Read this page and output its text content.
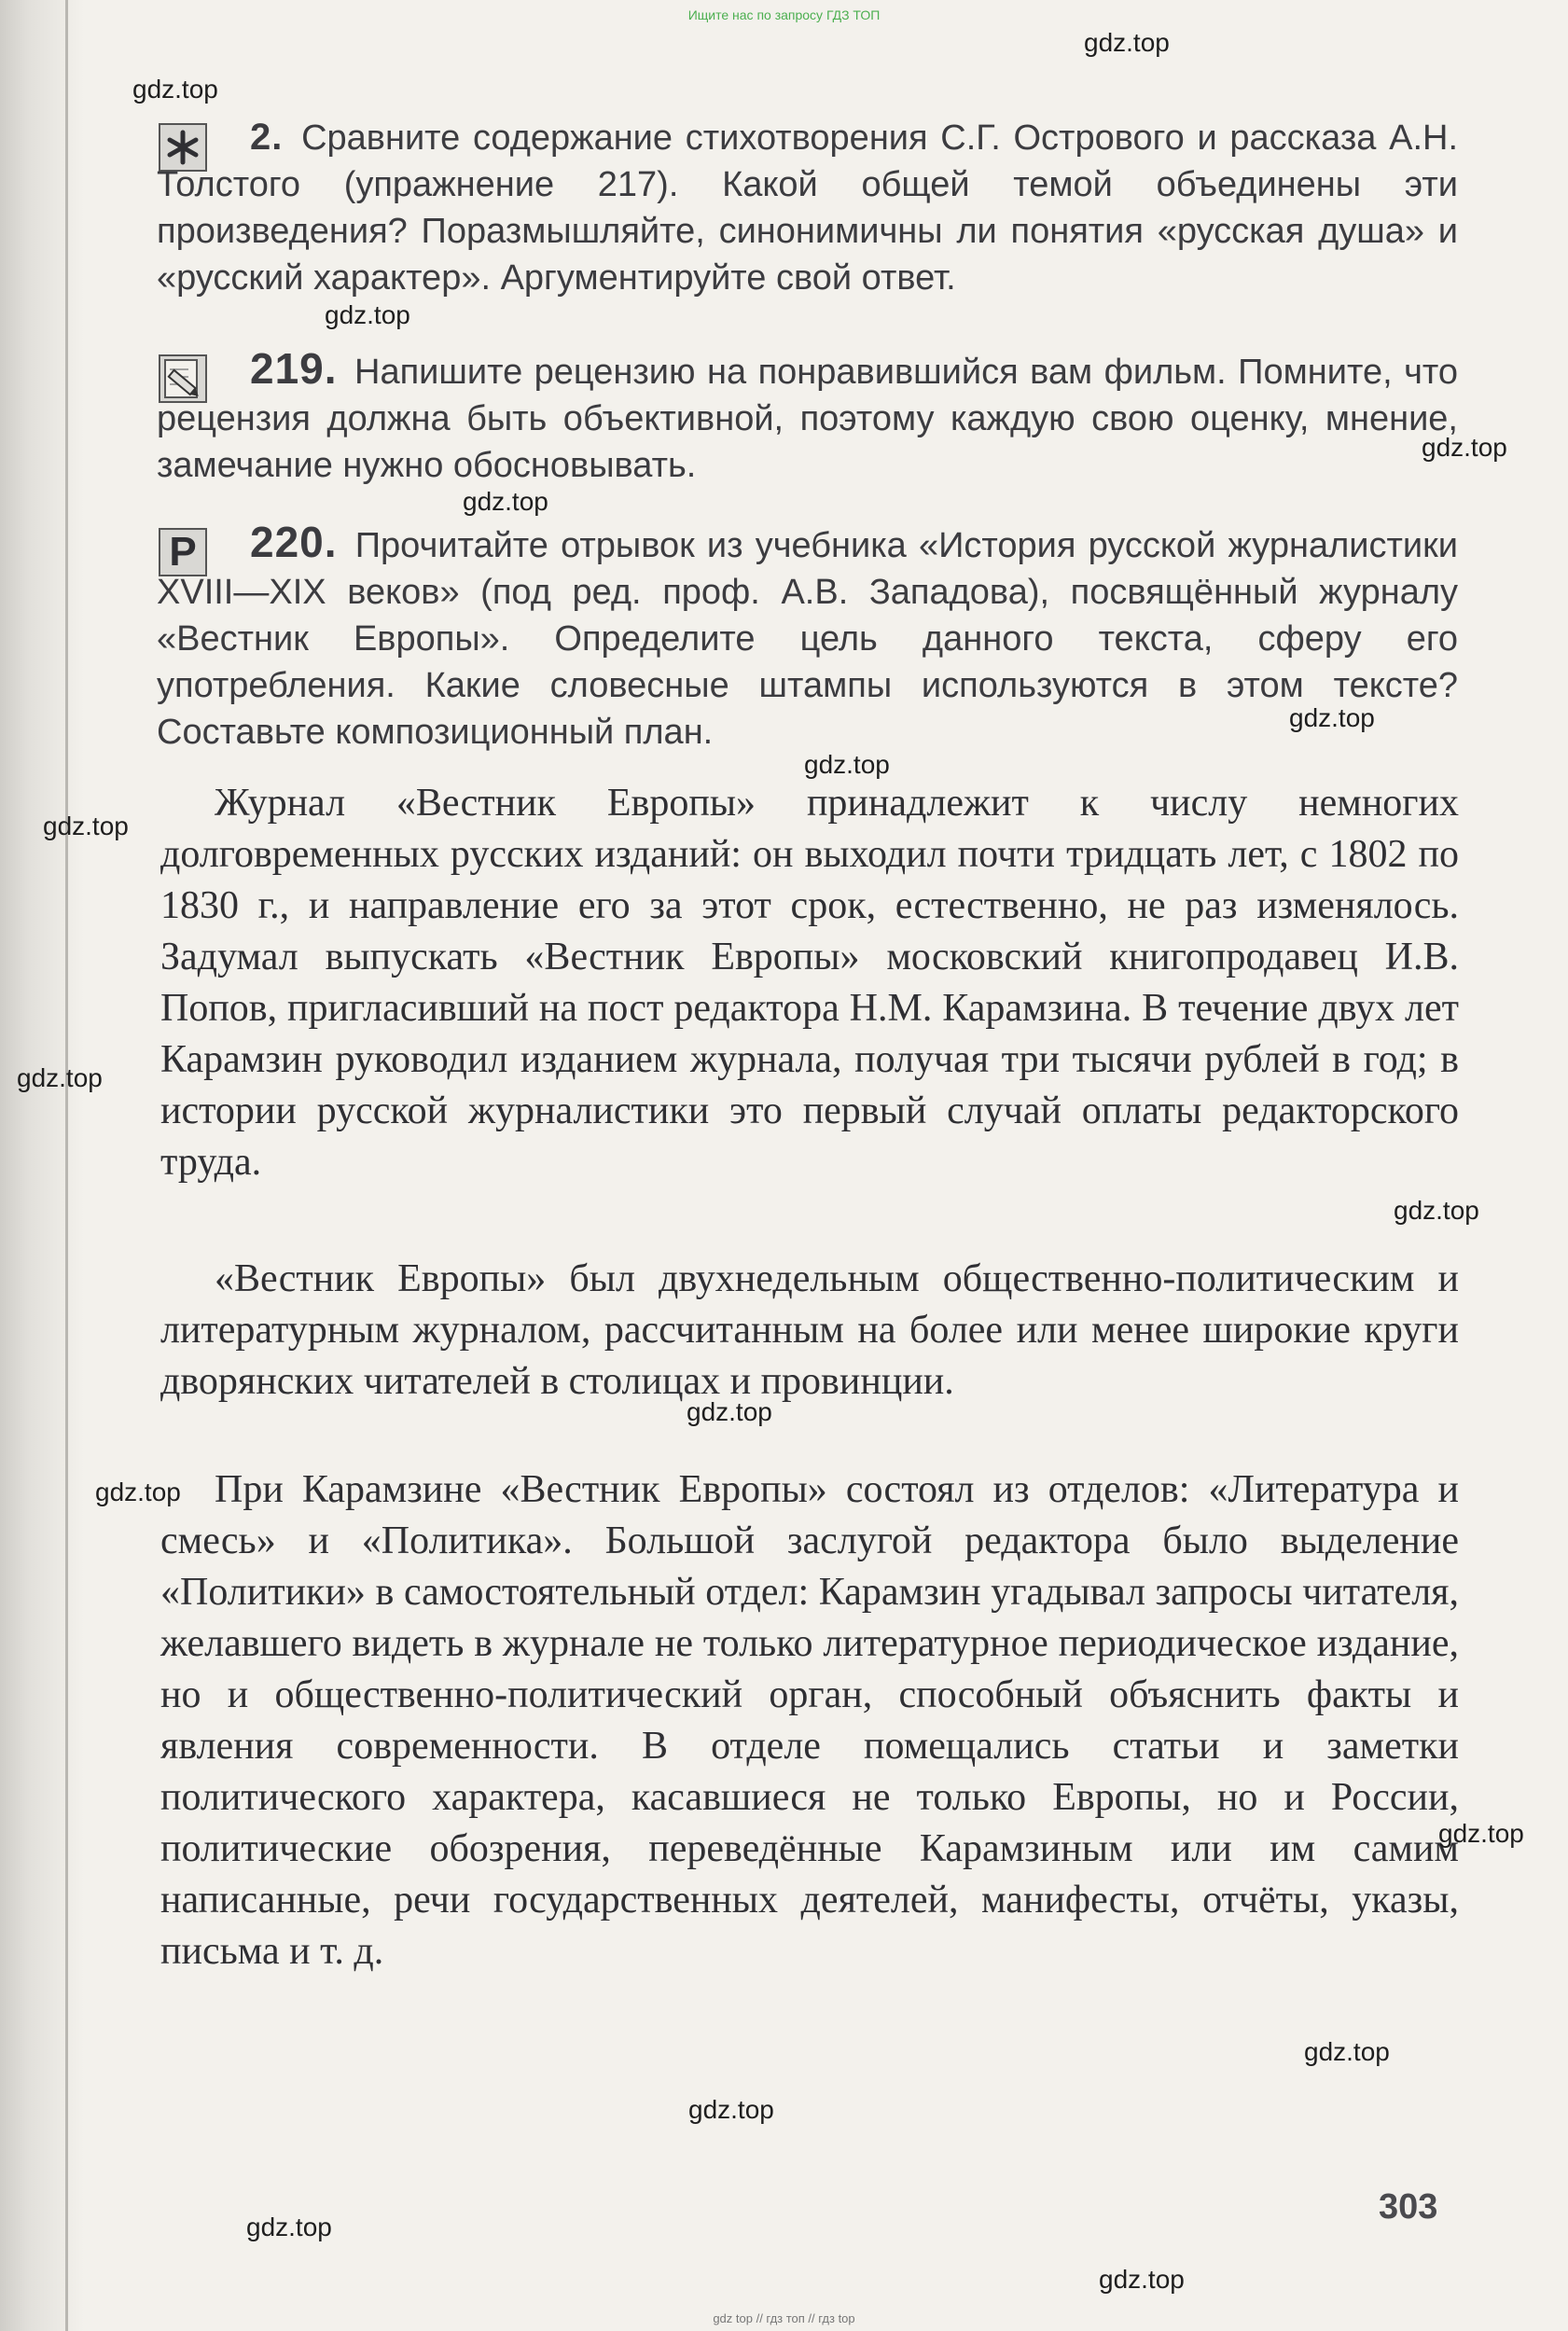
Ищите нас по запросу ГДЗ ТОП
2. Сравните содержание стихотворения С.Г. Острового и рассказа А.Н. Толстого (упражнение 217). Какой общей темой объединены эти произведения? Поразмышляйте, синонимичны ли понятия «русская душа» и «русский характер». Аргументируйте свой ответ.
219. Напишите рецензию на понравившийся вам фильм. Помните, что рецензия должна быть объективной, поэтому каждую свою оценку, мнение, замечание нужно обосновывать.
Р	220. Прочитайте отрывок из учебника «История русской журналистики XVIII—XIX веков» (под ред. проф. А.В. Западова), посвящённый журналу «Вестник Европы». Определите цель данного текста, сферу его употребления. Какие словесные штампы используются в этом тексте? Составьте композиционный план.
Журнал «Вестник Европы» принадлежит к числу немногих долговременных русских изданий: он выходил почти тридцать лет, с 1802 по 1830 г., и направление его за этот срок, естественно, не раз изменялось. Задумал выпускать «Вестник Европы» московский книгопродавец И.В. Попов, пригласивший на пост редактора Н.М. Карамзина. В течение двух лет Карамзин руководил изданием журнала, получая три тысячи рублей в год; в истории русской журналистики это первый случай оплаты редакторского труда.
«Вестник Европы» был двухнедельным общественно-политическим и литературным журналом, рассчитанным на более или менее широкие круги дворянских читателей в столицах и провинции.
При Карамзине «Вестник Европы» состоял из отделов: «Литература и смесь» и «Политика». Большой заслугой редактора было выделение «Политики» в самостоятельный отдел: Карамзин угадывал запросы читателя, желавшего видеть в журнале не только литературное периодическое издание, но и общественно-политический орган, способный объяснить факты и явления современности. В отделе помещались статьи и заметки политического характера, касавшиеся не только Европы, но и России, политические обозрения, переведённые Карамзиным или им самим написанные, речи государственных деятелей, манифесты, отчёты, указы, письма и т. д.
303
gdz.top
gdz.top
gdz.top
gdz.top
gdz.top
gdz.top
gdz.top
gdz.top
gdz.top
gdz.top
gdz.top
gdz.top
gdz.top
gdz.top
gdz.top
gdz.top
gdz.top
gdz top // гдз топ // гдз top
